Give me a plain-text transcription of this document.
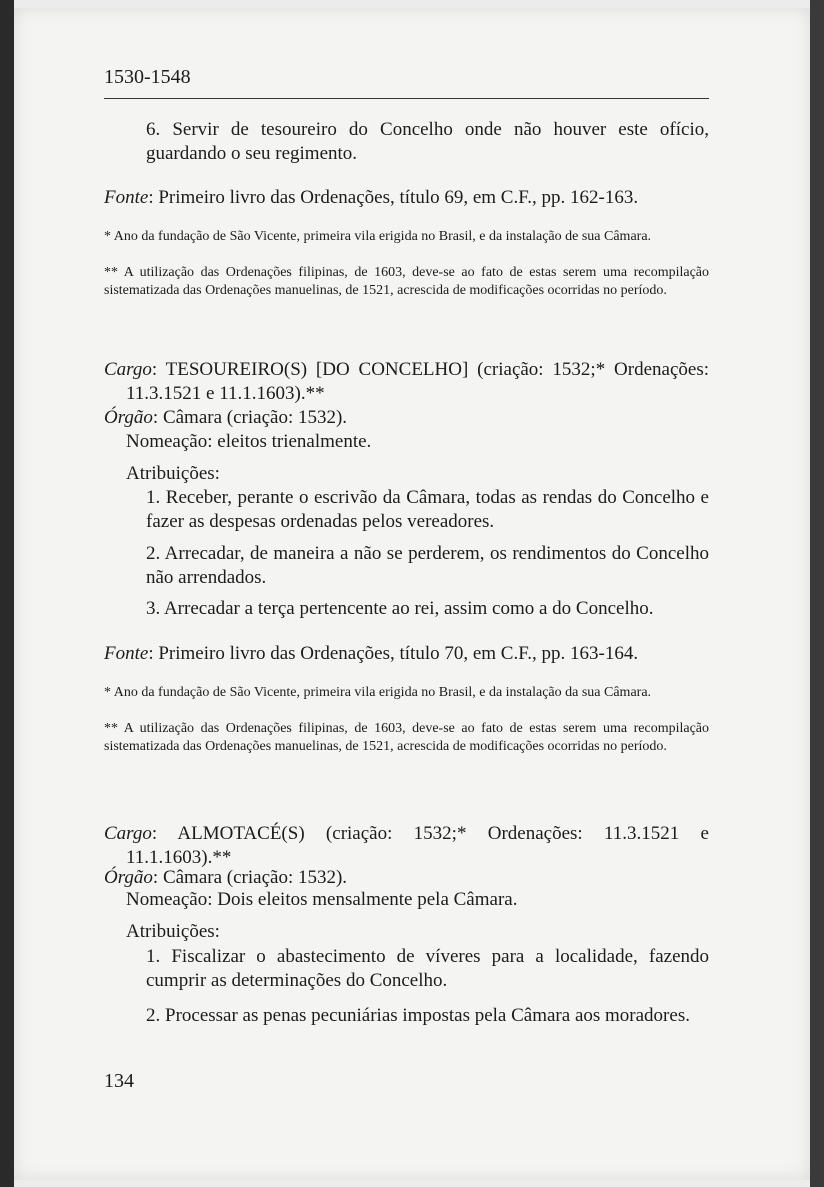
1530-1548
6. Servir de tesoureiro do Concelho onde não houver este ofício, guardando o seu regimento.
Fonte: Primeiro livro das Ordenações, título 69, em C.F., pp. 162-163.
* Ano da fundação de São Vicente, primeira vila erigida no Brasil, e da instalação de sua Câmara.
** A utilização das Ordenações filipinas, de 1603, deve-se ao fato de estas serem uma recompilação sistematizada das Ordenações manuelinas, de 1521, acrescida de modificações ocorridas no período.
Cargo: TESOUREIRO(S) [DO CONCELHO] (criação: 1532;* Ordenações: 11.3.1521 e 11.1.1603).**
Órgão: Câmara (criação: 1532).
Nomeação: eleitos trienalmente.
Atribuições:
1. Receber, perante o escrivão da Câmara, todas as rendas do Concelho e fazer as despesas ordenadas pelos vereadores.
2. Arrecadar, de maneira a não se perderem, os rendimentos do Concelho não arrendados.
3. Arrecadar a terça pertencente ao rei, assim como a do Concelho.
Fonte: Primeiro livro das Ordenações, título 70, em C.F., pp. 163-164.
* Ano da fundação de São Vicente, primeira vila erigida no Brasil, e da instalação da sua Câmara.
** A utilização das Ordenações filipinas, de 1603, deve-se ao fato de estas serem uma recompilação sistematizada das Ordenações manuelinas, de 1521, acrescida de modificações ocorridas no período.
Cargo: ALMOTACÉ(S) (criação: 1532;* Ordenações: 11.3.1521 e 11.1.1603).**
Órgão: Câmara (criação: 1532).
Nomeação: Dois eleitos mensalmente pela Câmara.
Atribuições:
1. Fiscalizar o abastecimento de víveres para a localidade, fazendo cumprir as determinações do Concelho.
2. Processar as penas pecuniárias impostas pela Câmara aos moradores.
134
